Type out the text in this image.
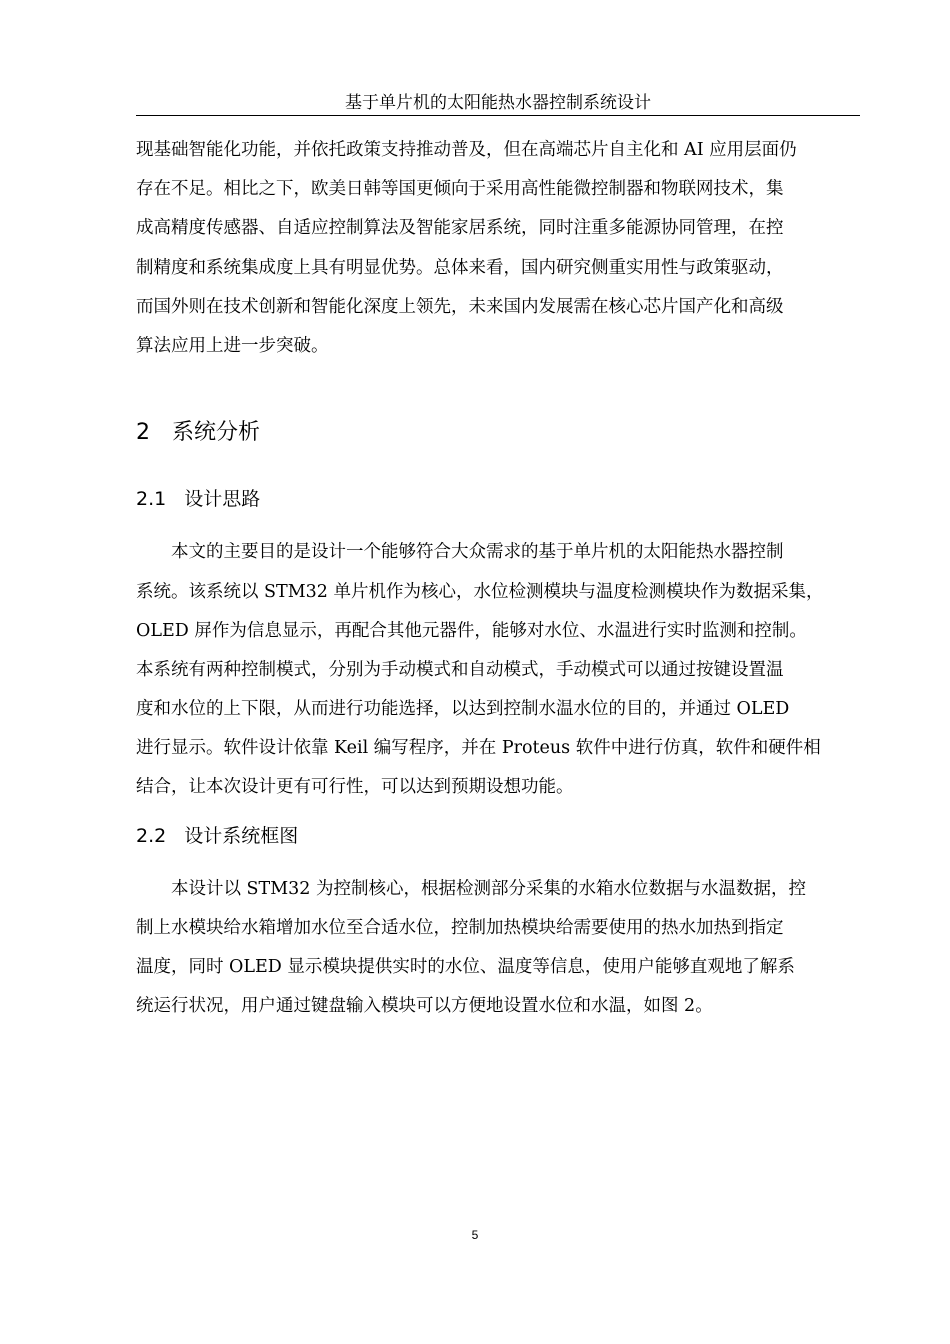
基于单片机的太阳能热水器控制系统设计
现基础智能化功能，并依托政策支持推动普及，但在高端芯片自主化和 AI 应用层面仍
存在不足。相比之下，欧美日韩等国更倾向于采用高性能微控制器和物联网技术，集
成高精度传感器、自适应控制算法及智能家居系统，同时注重多能源协同管理，在控
制精度和系统集成度上具有明显优势。总体来看，国内研究侧重实用性与政策驱动，
而国外则在技术创新和智能化深度上领先，未来国内发展需在核心芯片国产化和高级
算法应用上进一步突破。
2 系统分析
2.1 设计思路
本文的主要目的是设计一个能够符合大众需求的基于单片机的太阳能热水器控制
系统。该系统以 STM32 单片机作为核心，水位检测模块与温度检测模块作为数据采集，
OLED 屏作为信息显示，再配合其他元器件，能够对水位、水温进行实时监测和控制。
本系统有两种控制模式，分别为手动模式和自动模式，手动模式可以通过按键设置温
度和水位的上下限，从而进行功能选择，以达到控制水温水位的目的，并通过 OLED
进行显示。软件设计依靠 Keil 编写程序，并在 Proteus 软件中进行仿真，软件和硬件相
结合，让本次设计更有可行性，可以达到预期设想功能。
2.2 设计系统框图
本设计以 STM32 为控制核心，根据检测部分采集的水箱水位数据与水温数据，控
制上水模块给水箱增加水位至合适水位，控制加热模块给需要使用的热水加热到指定
温度，同时 OLED 显示模块提供实时的水位、温度等信息，使用户能够直观地了解系
统运行状况，用户通过键盘输入模块可以方便地设置水位和水温，如图 2。
5
